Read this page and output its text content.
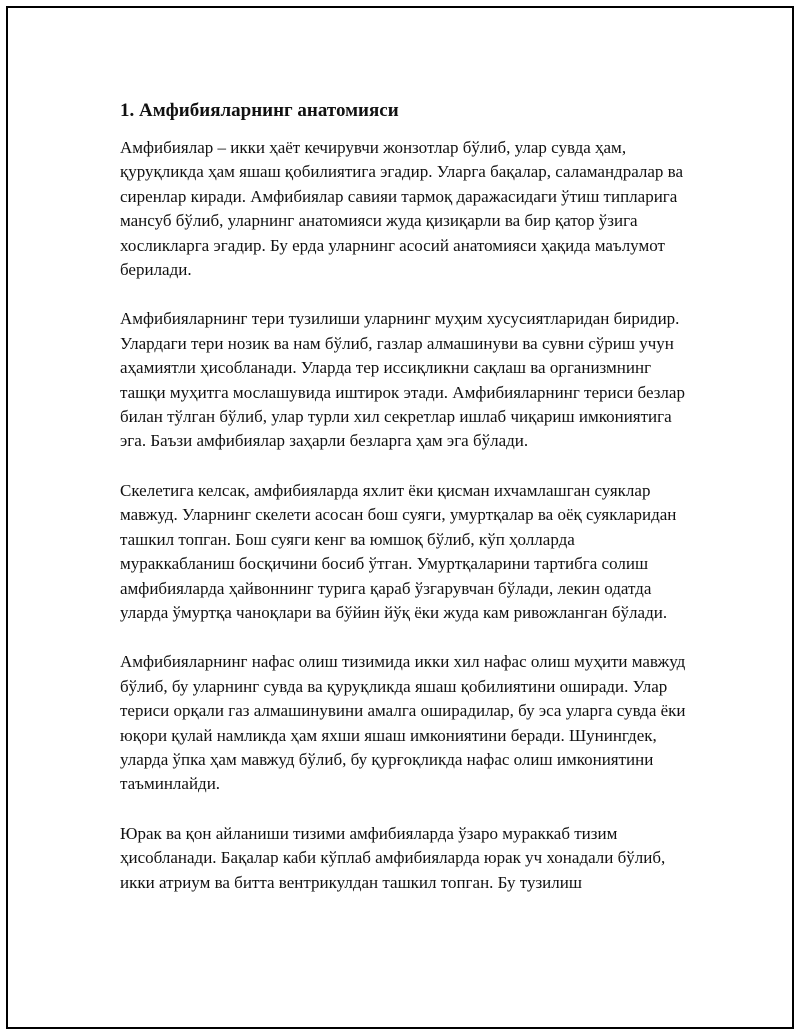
1. Амфибияларнинг анатомияси

Амфибиялар – икки ҳаёт кечирувчи жонзотлар бўлиб, улар сувда ҳам, қуруқликда ҳам яшаш қобилиятига эгадир. Уларга бақалар, саламандралар ва сиренлар киради. Амфибиялар савияи тармоқ даражасидаги ўтиш типларига мансуб бўлиб, уларнинг анатомияси жуда қизиқарли ва бир қатор ўзига хосликларга эгадир. Бу ерда уларнинг асосий анатомияси ҳақида маълумот берилади.

Амфибияларнинг тери тузилиши уларнинг муҳим хусусиятларидан биридир. Улардаги тери нозик ва нам бўлиб, газлар алмашинуви ва сувни сўриш учун аҳамиятли ҳисобланади. Уларда тер иссиқликни сақлаш ва организмнинг ташқи муҳитга мослашувида иштирок этади. Амфибияларнинг териси безлар билан тўлган бўлиб, улар турли хил секретлар ишлаб чиқариш имкониятига эга. Баъзи амфибиялар заҳарли безларга ҳам эга бўлади.

Скелетига келсак, амфибияларда яхлит ёки қисман ихчамлашган суяклар мавжуд. Уларнинг скелети асосан бош суяги, умуртқалар ва оёқ суякларидан ташкил топган. Бош суяги кенг ва юмшоқ бўлиб, кўп ҳолларда мураккабланиш босқичини босиб ўтган. Умуртқаларини тартибга солиш амфибияларда ҳайвоннинг турига қараб ўзгарувчан бўлади, лекин одатда уларда ўмуртқа чаноқлари ва бўйин йўқ ёки жуда кам ривожланган бўлади.

Амфибияларнинг нафас олиш тизимида икки хил нафас олиш муҳити мавжуд бўлиб, бу уларнинг сувда ва қуруқликда яшаш қобилиятини оширади. Улар териси орқали газ алмашинувини амалга оширадилар, бу эса уларга сувда ёки юқори қулай намликда ҳам яхши яшаш имкониятини беради. Шунингдек, уларда ўпка ҳам мавжуд бўлиб, бу қурғоқликда нафас олиш имкониятини таъминлайди.

Юрак ва қон айланиши тизими амфибияларда ўзаро мураккаб тизим ҳисобланади. Бақалар каби кўплаб амфибияларда юрак уч хонадали бўлиб, икки атриум ва битта вентрикулдан ташкил топган. Бу тузилиш
